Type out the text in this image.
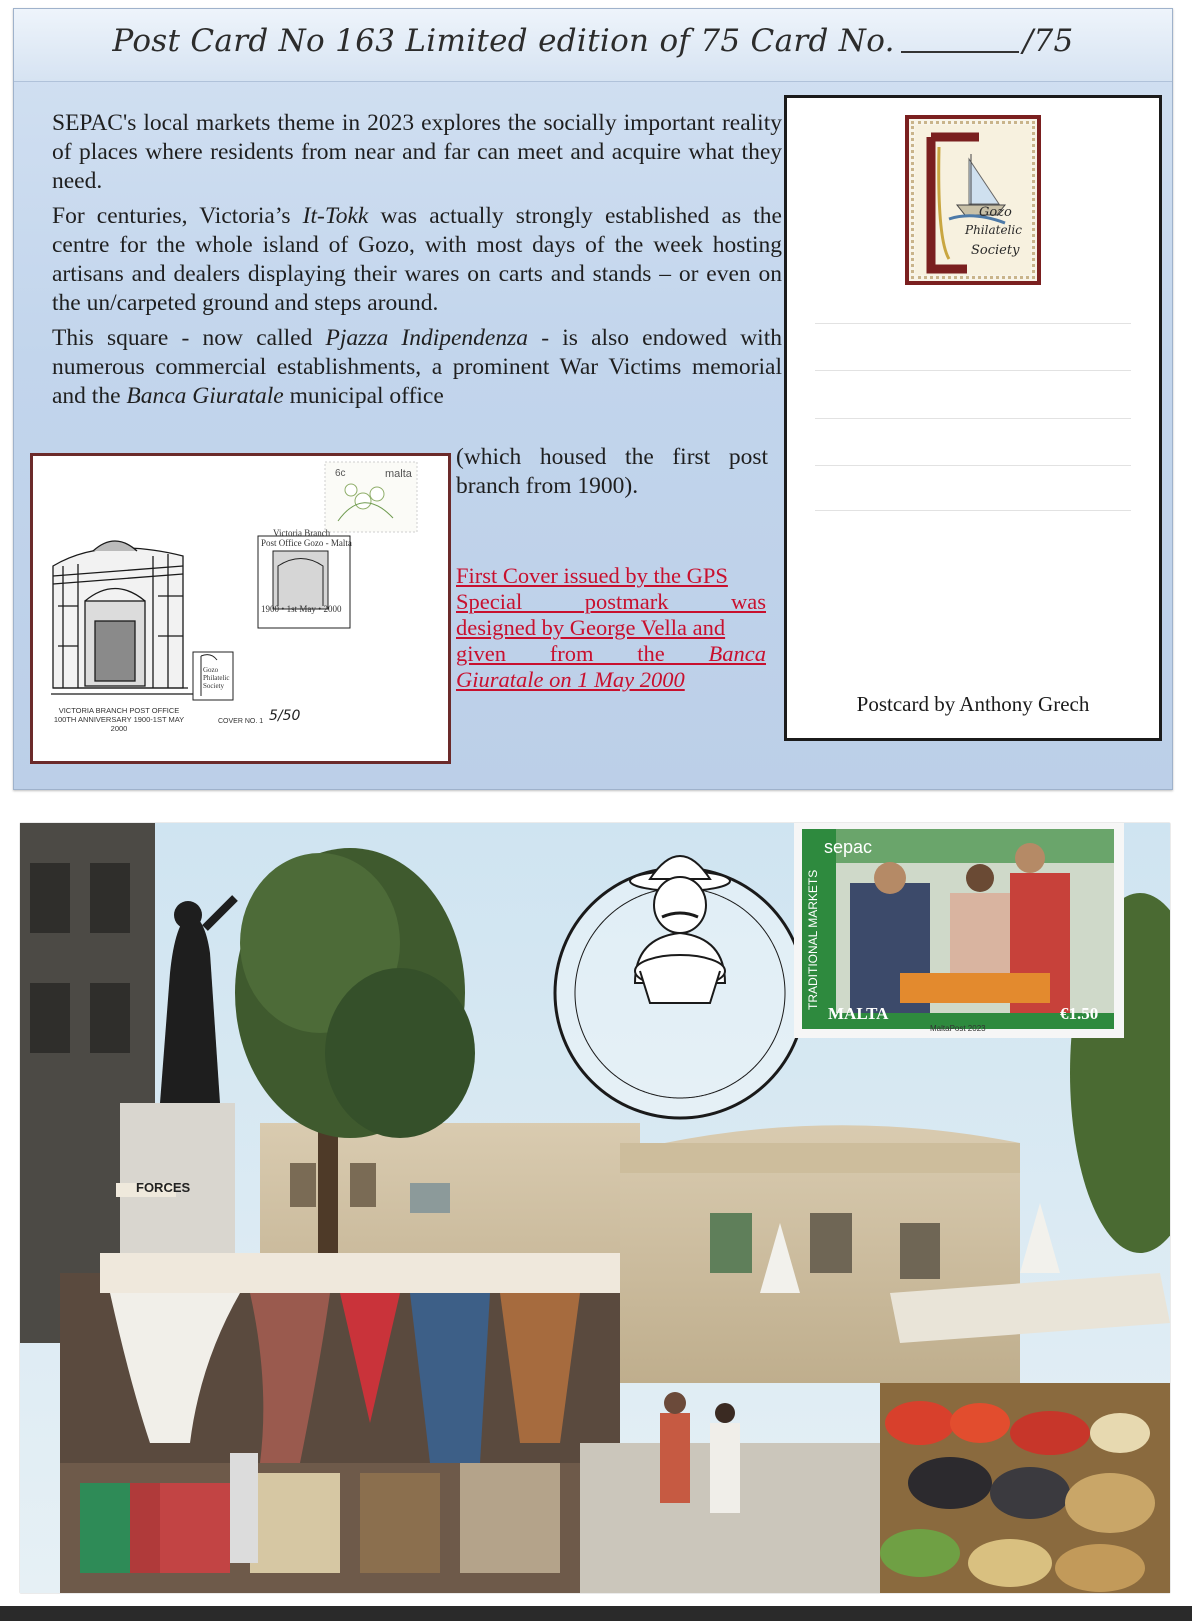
Post Card No 163 Limited edition of 75 Card No.	/75

SEPAC's local markets theme in 2023 explores the socially important reality of places where residents from near and far can meet and acquire what they need.

For centuries, Victoria’s It-Tokk was actually strongly established as the centre for the whole island of Gozo, with most days of the week hosting artisans and dealers displaying their wares on carts and stands – or even on the un/carpeted ground and steps around.

This square - now called Pjazza Indipendenza - is also endowed with numerous commercial establishments, a prominent War Victims memorial and the Banca Giuratale municipal office

(which housed the first post branch from 1900).

First Cover issued by the GPS
Special postmark was
designed by George Vella and
given from the Banca
Giuratale on 1 May 2000
6c	malta
Victoria Branch
Post Office Gozo - Malta
1900 • 1st May • 2000
Gozo Philatelic Society
VICTORIA BRANCH POST OFFICE 100TH ANNIVERSARY 1900-1ST MAY 2000
COVER NO. 1 5/50
Gozo
Philatelic
Society
Postcard by Anthony Grech
sepac
TRADITIONAL MARKETS
MALTA	€1.50
MaltaPost 2023
FORCES
